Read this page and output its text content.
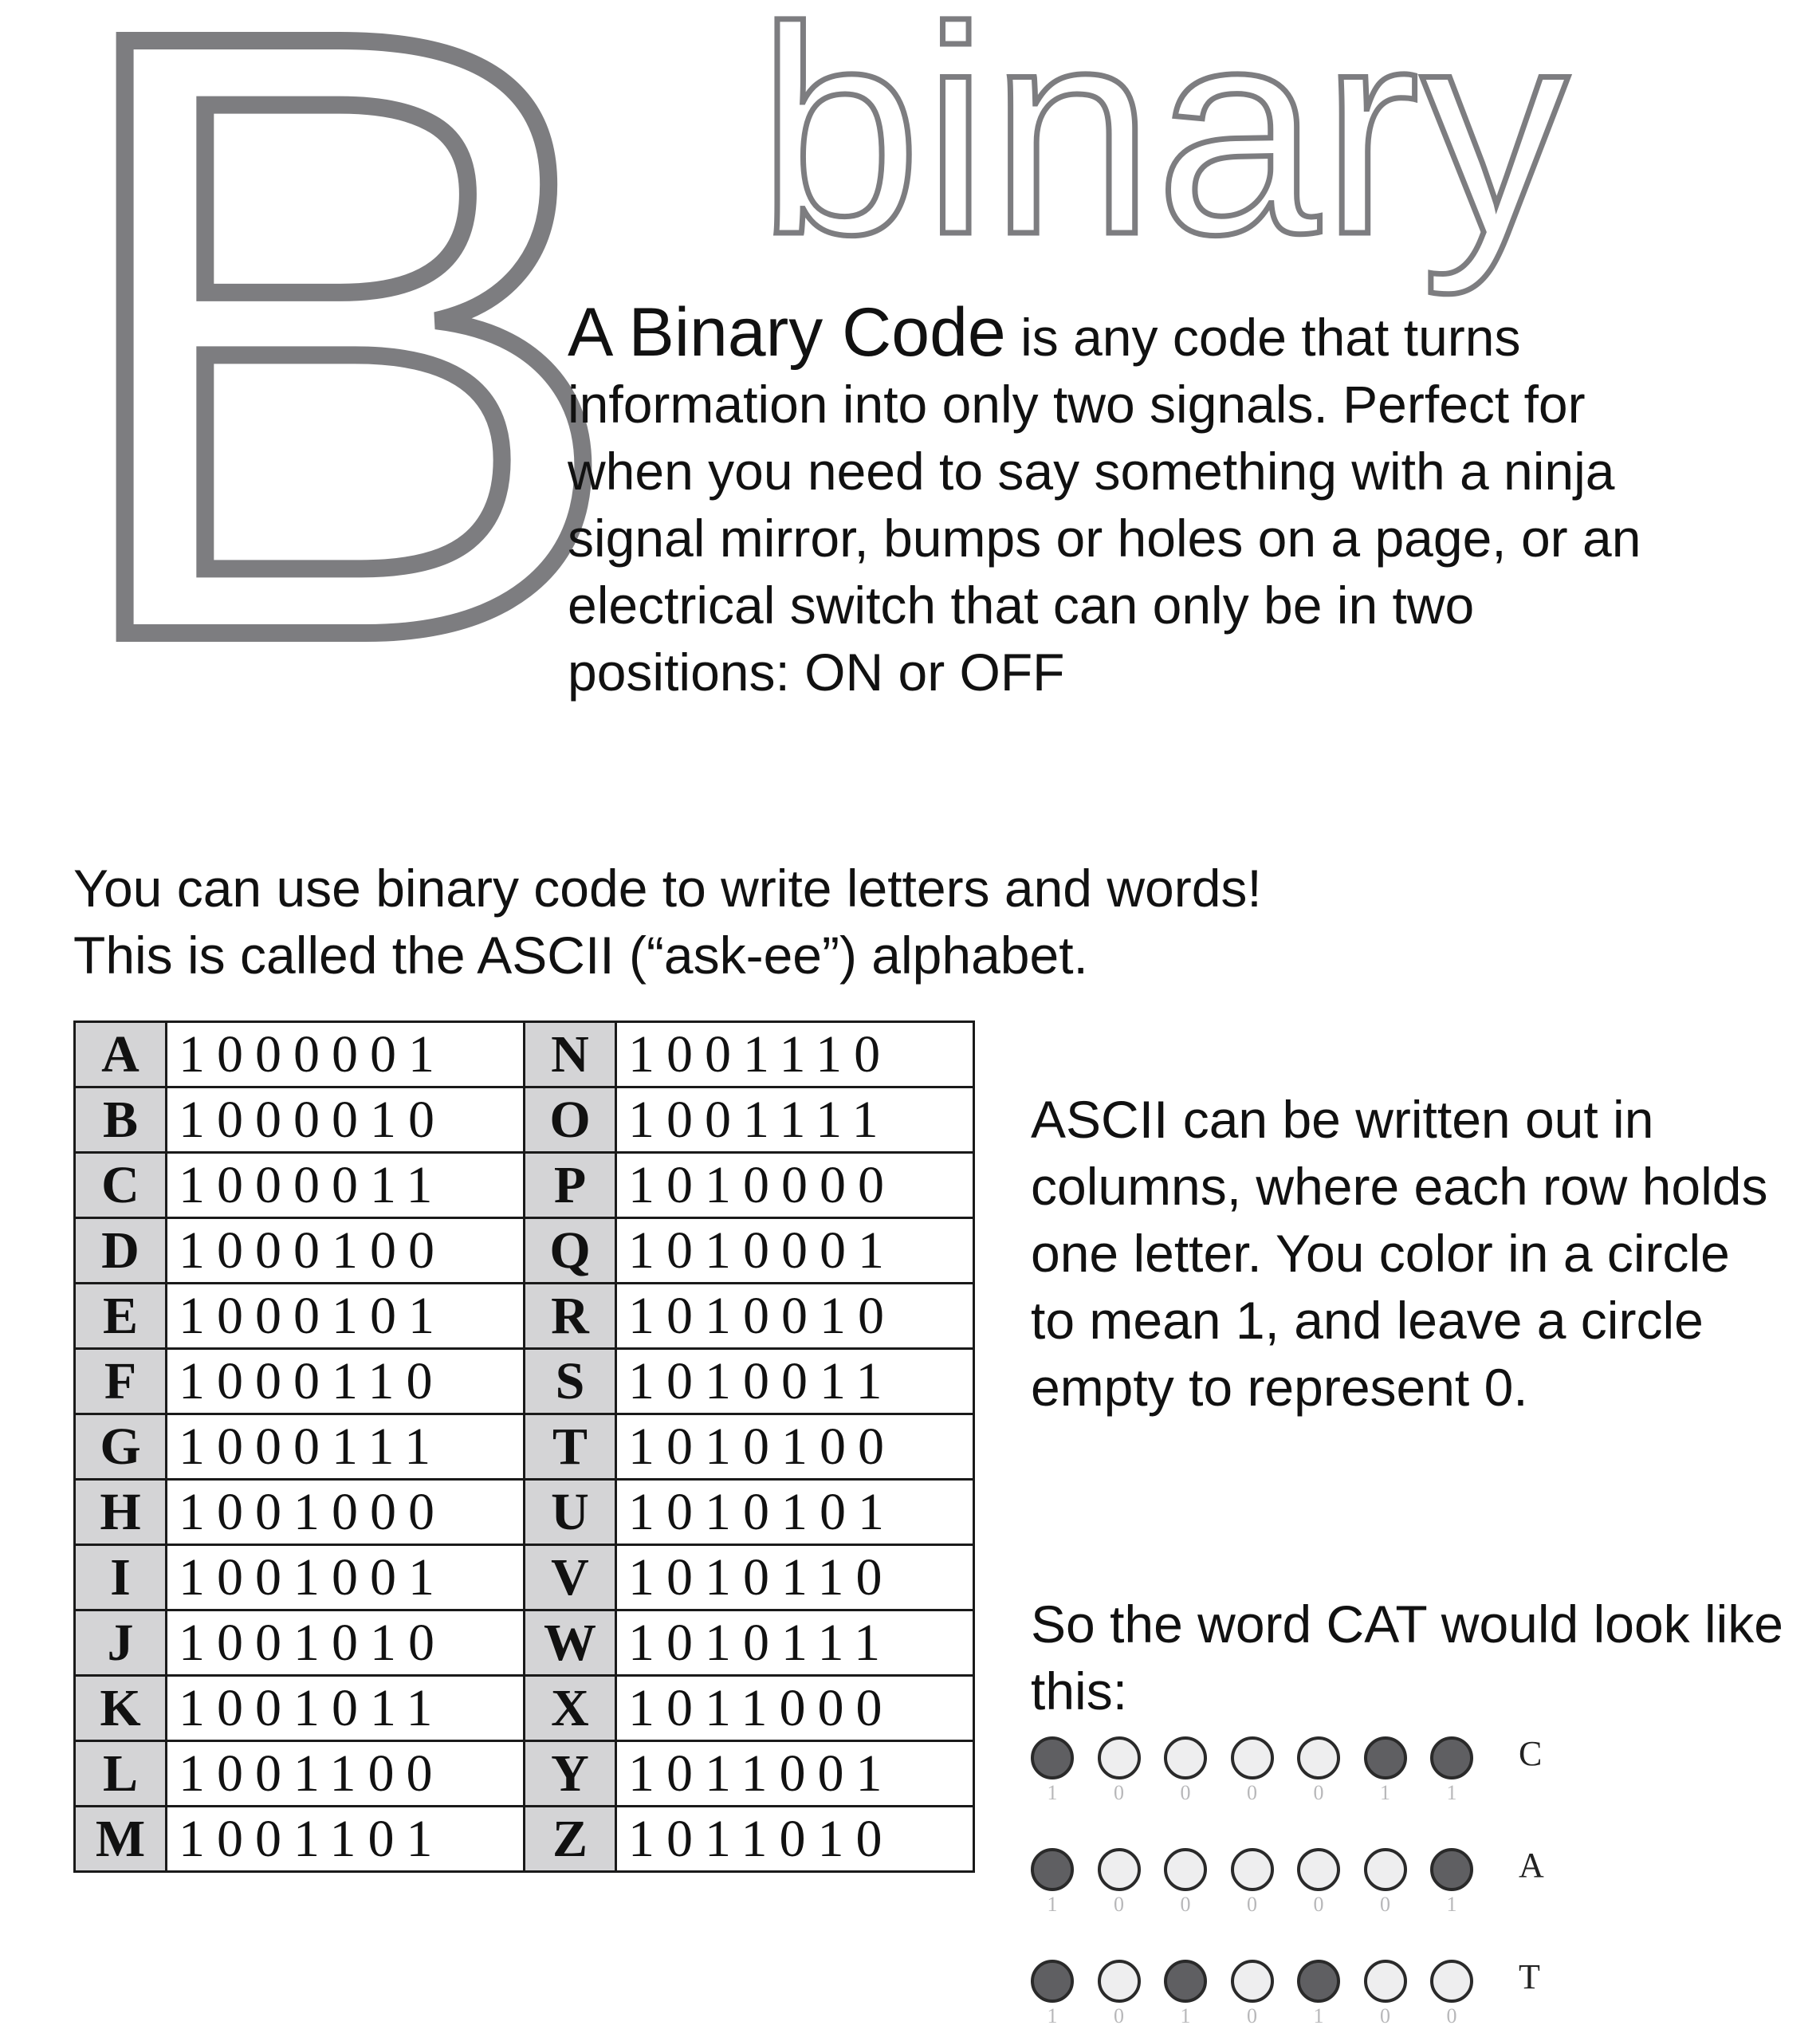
B binary
A Binary Code is any code that turns information into only two signals. Perfect for when you need to say something with a ninja signal mirror, bumps or holes on a page, or an electrical switch that can only be in two positions: ON or OFF
You can use binary code to write letters and words!
This is called the ASCII (“ask-ee”) alphabet.
A	1000001	N	1001110
B	1000010	O	1001111
C	1000011	P	1010000
D	1000100	Q	1010001
E	1000101	R	1010010
F	1000110	S	1010011
G	1000111	T	1010100
H	1001000	U	1010101
I	1001001	V	1010110
J	1001010	W	1010111
K	1001011	X	1011000
L	1001100	Y	1011001
M	1001101	Z	1011010
ASCII can be written out in columns, where each row holds one letter. You color in a circle to mean 1, and leave a circle empty to represent 0.
So the word CAT would look like this:
1	0	0	0	0	1	1
C
1	0	0	0	0	0	1
A
1	0	1	0	1	0	0
T
